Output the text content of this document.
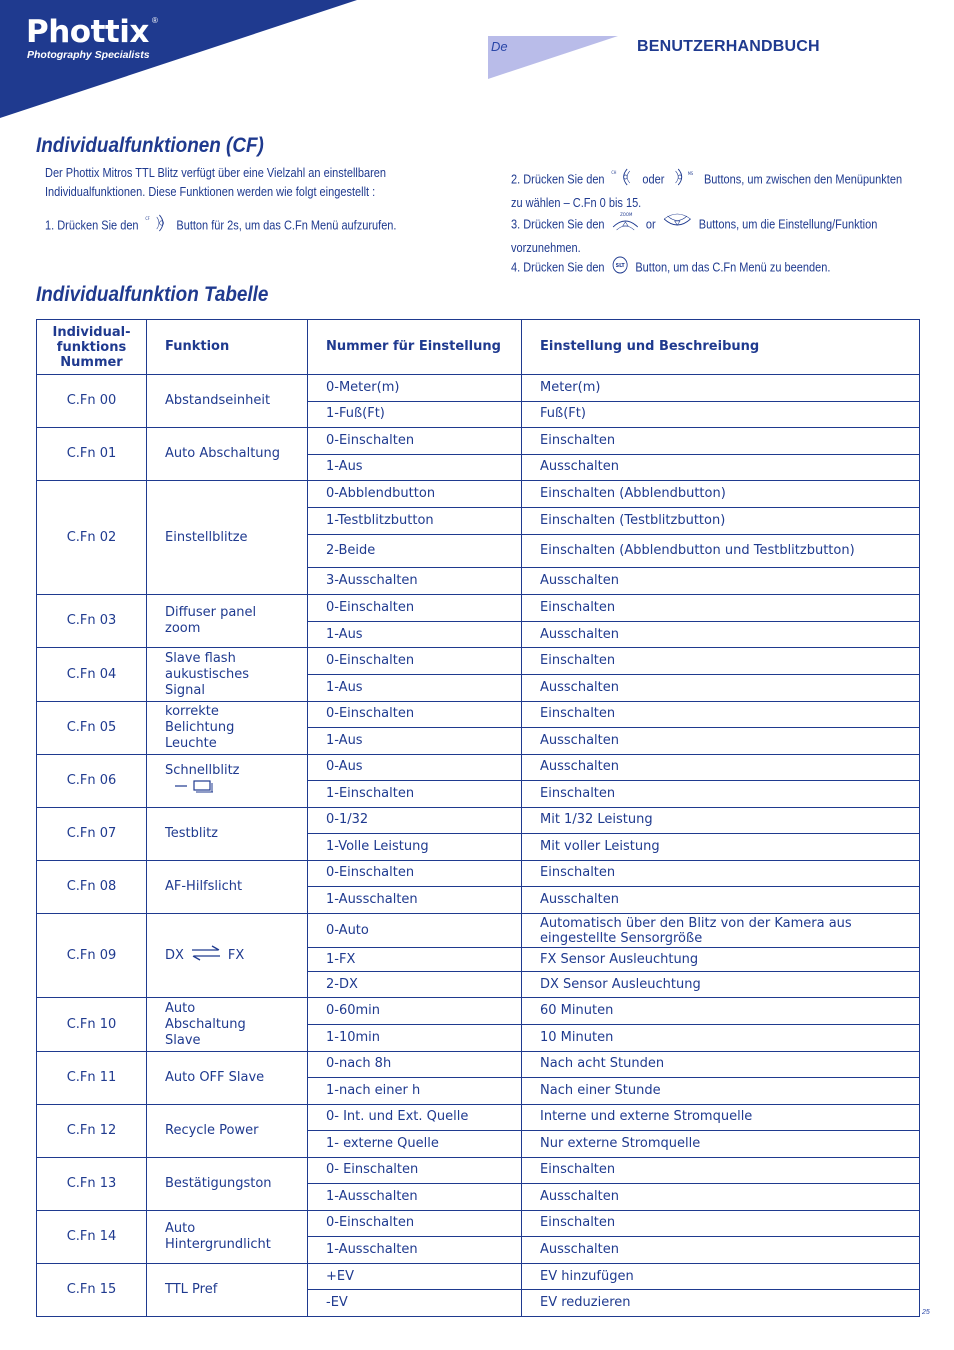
Phottix ®
Photography Specialists
De	BENUTZERHANDBUCH
Individualfunktionen (CF)
Der Phottix Mitros TTL Blitz verfügt über eine Vielzahl an einstellbaren Individualfunktionen. Diese Funktionen werden wie folgt eingestellt :
1. Drücken Sie den CF Button für 2s, um das C.Fn Menü aufzurufen.
2. Drücken Sie den CH oder	MS Buttons, um zwischen den Menüpunkten zu wählen – C.Fn 0 bis 15.
3. Drücken Sie den
ZOOM
or	Buttons, um die Einstellung/Funktion vorzunehmen.
4. Drücken Sie den SLT Button, um das C.Fn Menü zu beenden.
Individualfunktion Tabelle
Individual-funktions Nummer	Funktion	Nummer für Einstellung	Einstellung und Beschreibung
C.Fn 00	Abstandseinheit	0-Meter(m)	Meter(m)
		1-Fuß(Ft)	Fuß(Ft)
C.Fn 01	Auto Abschaltung	0-Einschalten	Einschalten
		1-Aus	Ausschalten
C.Fn 02	Einstellblitze	0-Abblendbutton	Einschalten (Abblendbutton)
		1-Testblitzbutton	Einschalten (Testblitzbutton)
		2-Beide	Einschalten (Abblendbutton und Testblitzbutton)
		3-Ausschalten	Ausschalten
C.Fn 03	Diffuser panel zoom	0-Einschalten	Einschalten
		1-Aus	Ausschalten
C.Fn 04	Slave flash aukustisches Signal	0-Einschalten	Einschalten
		1-Aus	Ausschalten
C.Fn 05	korrekte Belichtung Leuchte	0-Einschalten	Einschalten
		1-Aus	Ausschalten
C.Fn 06	Schnellblitz	0-Aus	Ausschalten
		1-Einschalten	Einschalten
C.Fn 07	Testblitz	0-1/32	Mit 1/32 Leistung
		1-Volle Leistung	Mit voller Leistung
C.Fn 08	AF-Hilfslicht	0-Einschalten	Einschalten
		1-Ausschalten	Ausschalten
C.Fn 09	DX FX	0-Auto	Automatisch über den Blitz von der Kamera aus eingestellte Sensorgröße
		1-FX	FX Sensor Ausleuchtung
		2-DX	DX Sensor Ausleuchtung
C.Fn 10	Auto Abschaltung Slave	0-60min	60 Minuten
		1-10min	10 Minuten
C.Fn 11	Auto OFF Slave	0-nach 8h	Nach acht Stunden
		1-nach einer h	Nach einer Stunde
C.Fn 12	Recycle Power	0- Int. und Ext. Quelle	Interne und externe Stromquelle
		1- externe Quelle	Nur externe Stromquelle
C.Fn 13	Bestätigungston	0- Einschalten	Einschalten
		1-Ausschalten	Ausschalten
C.Fn 14	Auto Hintergrundlicht	0-Einschalten	Einschalten
		1-Ausschalten	Ausschalten
C.Fn 15	TTL Pref	+EV	EV hinzufügen
		-EV	EV reduzieren
25
